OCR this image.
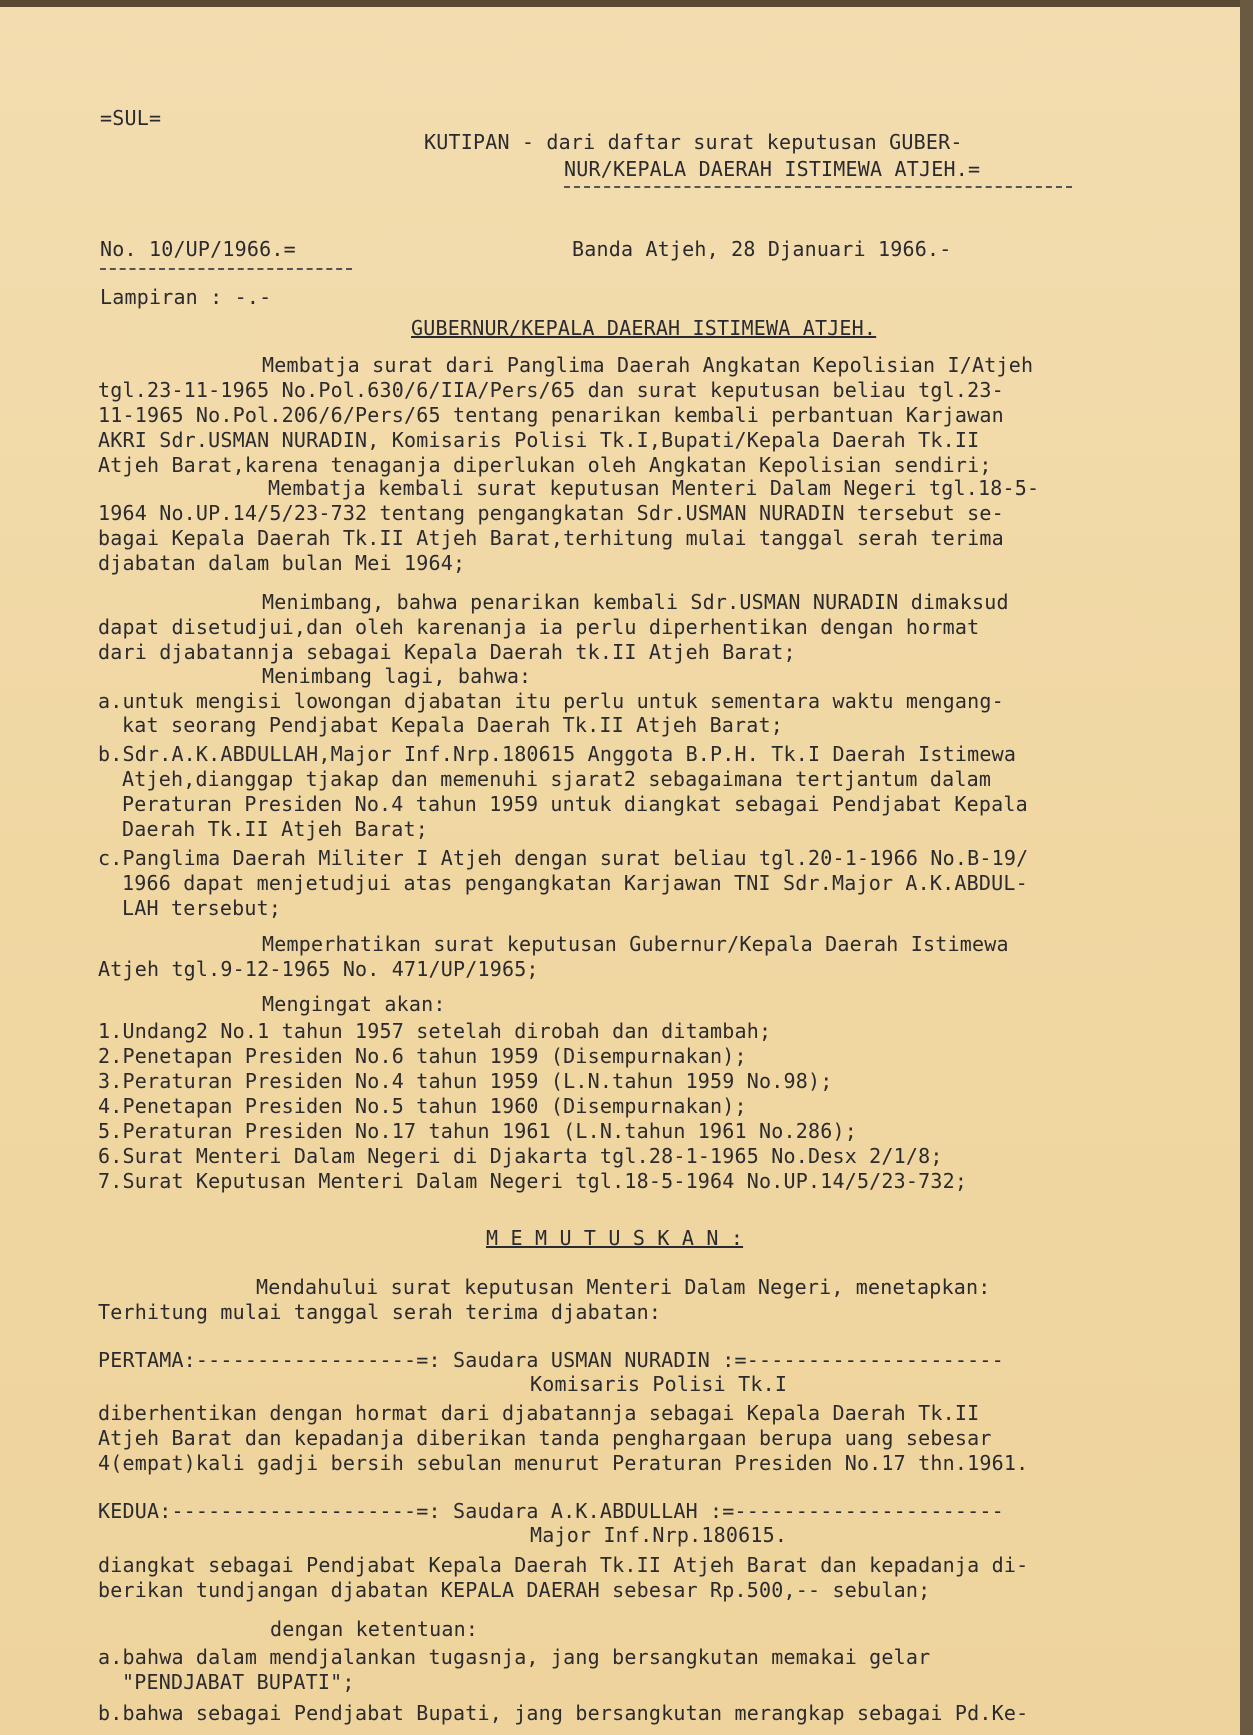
=SUL=
KUTIPAN - dari daftar surat keputusan GUBER-
NUR/KEPALA DAERAH ISTIMEWA ATJEH.=
No. 10/UP/1966.=	Banda Atjeh, 28 Djanuari 1966.-
Lampiran : -.-
GUBERNUR/KEPALA DAERAH ISTIMEWA ATJEH.
Membatja surat dari Panglima Daerah Angkatan Kepolisian I/Atjeh
tgl.23-11-1965 No.Pol.630/6/IIA/Pers/65 dan surat keputusan beliau tgl.23-
11-1965 No.Pol.206/6/Pers/65 tentang penarikan kembali perbantuan Karjawan
AKRI Sdr.USMAN NURADIN, Komisaris Polisi Tk.I,Bupati/Kepala Daerah Tk.II
Atjeh Barat,karena tenaganja diperlukan oleh Angkatan Kepolisian sendiri;
Membatja kembali surat keputusan Menteri Dalam Negeri tgl.18-5-
1964 No.UP.14/5/23-732 tentang pengangkatan Sdr.USMAN NURADIN tersebut se-
bagai Kepala Daerah Tk.II Atjeh Barat,terhitung mulai tanggal serah terima
djabatan dalam bulan Mei 1964;
Menimbang, bahwa penarikan kembali Sdr.USMAN NURADIN dimaksud
dapat disetudjui,dan oleh karenanja ia perlu diperhentikan dengan hormat
dari djabatannja sebagai Kepala Daerah tk.II Atjeh Barat;
Menimbang lagi, bahwa:
a.untuk mengisi lowongan djabatan itu perlu untuk sementara waktu mengang-
kat seorang Pendjabat Kepala Daerah Tk.II Atjeh Barat;
b.Sdr.A.K.ABDULLAH,Major Inf.Nrp.180615 Anggota B.P.H. Tk.I Daerah Istimewa
Atjeh,dianggap tjakap dan memenuhi sjarat2 sebagaimana tertjantum dalam
Peraturan Presiden No.4 tahun 1959 untuk diangkat sebagai Pendjabat Kepala
Daerah Tk.II Atjeh Barat;
c.Panglima Daerah Militer I Atjeh dengan surat beliau tgl.20-1-1966 No.B-19/
1966 dapat menjetudjui atas pengangkatan Karjawan TNI Sdr.Major A.K.ABDUL-
LAH tersebut;
Memperhatikan surat keputusan Gubernur/Kepala Daerah Istimewa
Atjeh tgl.9-12-1965 No. 471/UP/1965;
Mengingat akan:
1.Undang2 No.1 tahun 1957 setelah dirobah dan ditambah;
2.Penetapan Presiden No.6 tahun 1959 (Disempurnakan);
3.Peraturan Presiden No.4 tahun 1959 (L.N.tahun 1959 No.98);
4.Penetapan Presiden No.5 tahun 1960 (Disempurnakan);
5.Peraturan Presiden No.17 tahun 1961 (L.N.tahun 1961 No.286);
6.Surat Menteri Dalam Negeri di Djakarta tgl.28-1-1965 No.Desx 2/1/8;
7.Surat Keputusan Menteri Dalam Negeri tgl.18-5-1964 No.UP.14/5/23-732;
M E M U T U S K A N :
Mendahului surat keputusan Menteri Dalam Negeri, menetapkan:
Terhitung mulai tanggal serah terima djabatan:
PERTAMA:------------------=: Saudara USMAN NURADIN :=---------------------
Komisaris Polisi Tk.I
diberhentikan dengan hormat dari djabatannja sebagai Kepala Daerah Tk.II
Atjeh Barat dan kepadanja diberikan tanda penghargaan berupa uang sebesar
4(empat)kali gadji bersih sebulan menurut Peraturan Presiden No.17 thn.1961.
KEDUA:--------------------=: Saudara A.K.ABDULLAH :=----------------------
Major Inf.Nrp.180615.
diangkat sebagai Pendjabat Kepala Daerah Tk.II Atjeh Barat dan kepadanja di-
berikan tundjangan djabatan KEPALA DAERAH sebesar Rp.500,-- sebulan;
dengan ketentuan:
a.bahwa dalam mendjalankan tugasnja, jang bersangkutan memakai gelar
"PENDJABAT BUPATI";
b.bahwa sebagai Pendjabat Bupati, jang bersangkutan merangkap sebagai Pd.Ke-
